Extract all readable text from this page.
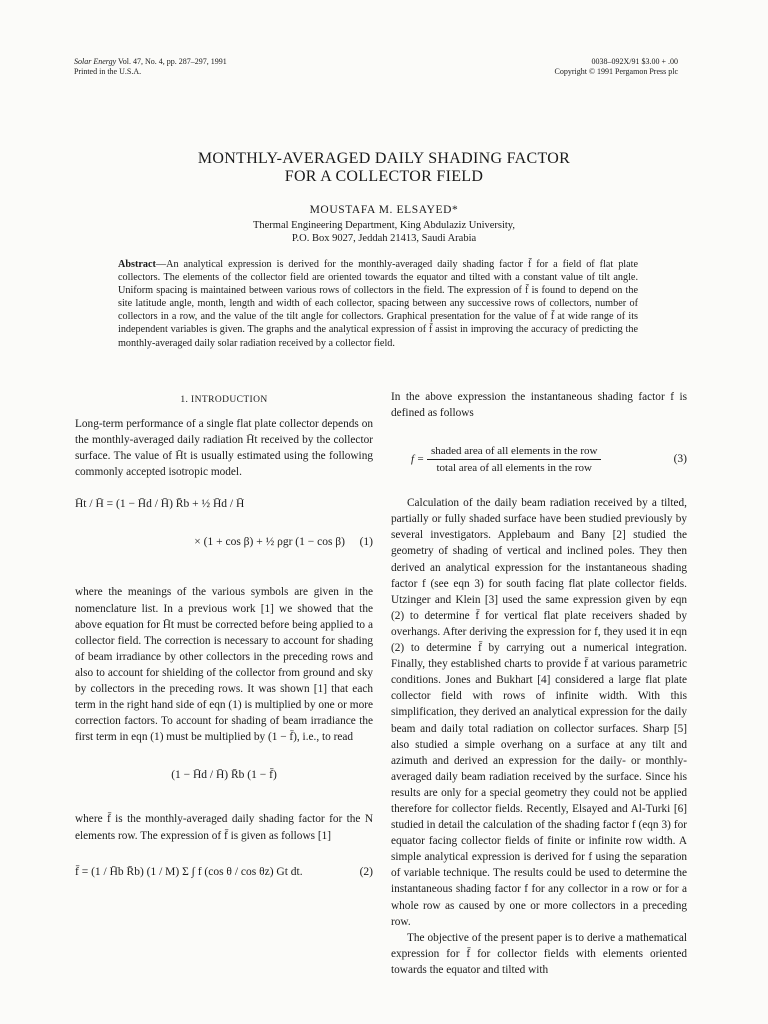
Solar Energy Vol. 47, No. 4, pp. 287–297, 1991
Printed in the U.S.A.
0038–092X/91 $3.00 + .00
Copyright © 1991 Pergamon Press plc
MONTHLY-AVERAGED DAILY SHADING FACTOR
FOR A COLLECTOR FIELD
MOUSTAFA M. ELSAYED*
Thermal Engineering Department, King Abdulaziz University,
P.O. Box 9027, Jeddah 21413, Saudi Arabia
Abstract—An analytical expression is derived for the monthly-averaged daily shading factor f̄ for a field of flat plate collectors. The elements of the collector field are oriented towards the equator and tilted with a constant value of tilt angle. Uniform spacing is maintained between various rows of collectors in the field. The expression of f̄ is found to depend on the site latitude angle, month, length and width of each collector, spacing between any successive rows of collectors, number of collectors in a row, and the value of the tilt angle for collectors. Graphical presentation for the value of f̄ at wide range of its independent variables is given. The graphs and the analytical expression of f̄ assist in improving the accuracy of predicting the monthly-averaged daily solar radiation received by a collector field.
1. INTRODUCTION

Long-term performance of a single flat plate collector depends on the monthly-averaged daily radiation H̄t received by the collector surface. The value of H̄t is usually estimated using the following commonly accepted isotropic model.

H̄t / H̄ = (1 − H̄d / H̄) R̄b + ½ H̄d / H̄
× (1 + cos β) + ½ ρgr (1 − cos β) (1)

where the meanings of the various symbols are given in the nomenclature list. In a previous work [1] we showed that the above equation for H̄t must be corrected before being applied to a collector field. The correction is necessary to account for shading of beam irradiance by other collectors in the preceding rows and also to account for shielding of the collector from ground and sky by collectors in the preceding rows. It was shown [1] that each term in the right hand side of eqn (1) is multiplied by one or more correction factors. To account for shading of beam irradiance the first term in eqn (1) must be multiplied by (1 − f̄), i.e., to read

(1 − H̄d / H̄) R̄b (1 − f̄)

where f̄ is the monthly-averaged daily shading factor for the N elements row. The expression of f̄ is given as follows [1]

f̄ = (1 / H̄b R̄b) (1 / M) Σ ∫ f (cos θ / cos θz) Gt dt.	(2)

In the above expression the instantaneous shading factor f is defined as follows

$f = \frac{\text{shaded area of all elements in the row}}{\text{total area of all elements in the row}}$	(3)

Calculation of the daily beam radiation received by a tilted, partially or fully shaded surface have been studied previously by several investigators. Applebaum and Bany [2] studied the geometry of shading of vertical and inclined poles. They then derived an analytical expression for the instantaneous shading factor f (see eqn 3) for south facing flat plate collector fields. Utzinger and Klein [3] used the same expression given by eqn (2) to determine f̄ for vertical flat plate receivers shaded by overhangs. After deriving the expression for f, they used it in eqn (2) to determine f̄ by carrying out a numerical integration. Finally, they established charts to provide f̄ at various parametric conditions. Jones and Bukhart [4] considered a large flat plate collector field with rows of infinite width. With this simplification, they derived an analytical expression for the daily beam and daily total radiation on collector surfaces. Sharp [5] also studied a simple overhang on a surface at any tilt and azimuth and derived an expression for the daily- or monthly-averaged daily beam radiation received by the surface. Since his results are only for a special geometry they could not be applied therefore for collector fields. Recently, Elsayed and Al-Turki [6] studied in detail the calculation of the shading factor f (eqn 3) for equator facing collector fields of finite or infinite row width. A simple analytical expression is derived for f using the separation of variable technique. The results could be used to determine the instantaneous shading factor f for any collector in a row or for a whole row as caused by one or more collectors in a preceding row.

The objective of the present paper is to derive a mathematical expression for f̄ for collector fields with elements oriented towards the equator and tilted with
